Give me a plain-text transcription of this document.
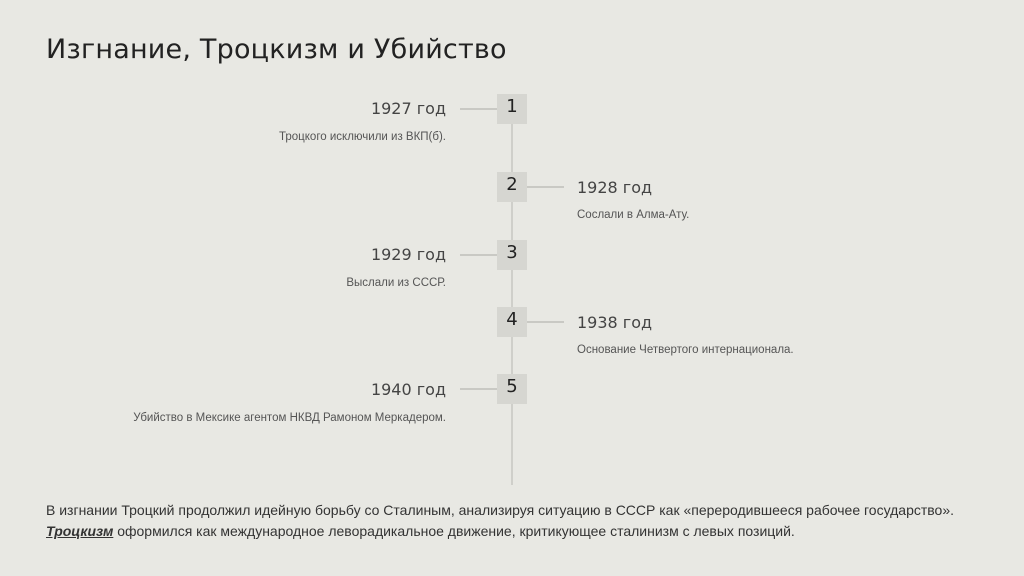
Изгнание, Троцкизм и Убийство
1
1927 год
Троцкого исключили из ВКП(б).
2	1928 год
Сослали в Алма-Ату.
3
1929 год
Выслали из СССР.
4	1938 год
Основание Четвертого интернационала.
5
1940 год
Убийство в Мексике агентом НКВД Рамоном Меркадером.
В изгнании Троцкий продолжил идейную борьбу со Сталиным, анализируя ситуацию в СССР как «переродившееся рабочее государство».
Троцкизм оформился как международное леворадикальное движение, критикующее сталинизм с левых позиций.
